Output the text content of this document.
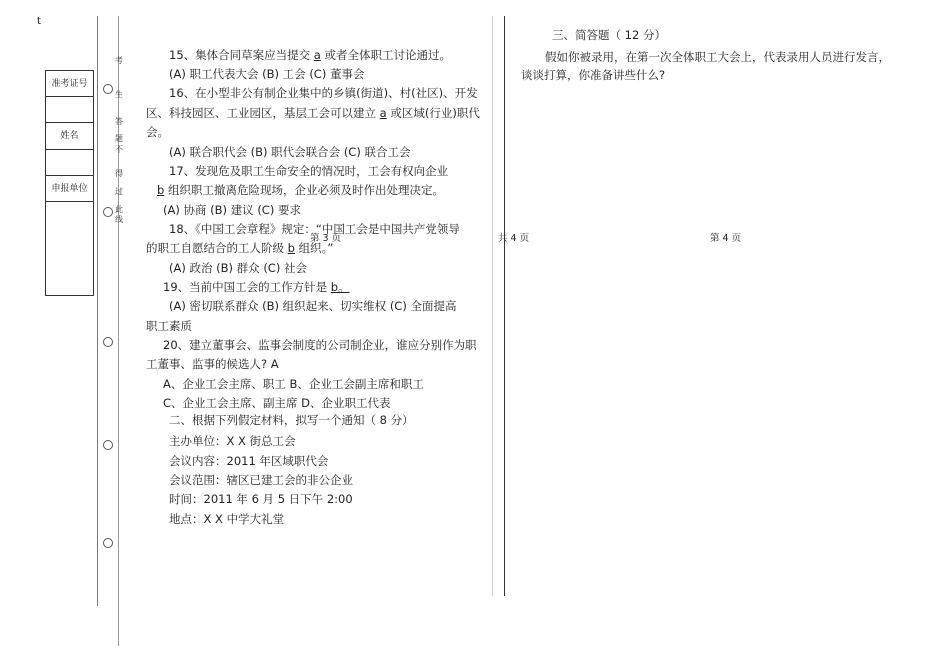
t
准考证号
姓名
申报单位
考
生
答
题
不
得
过
此
线
15、集体合同草案应当提交 a 或者全体职工讨论通过。
(A) 职工代表大会 (B) 工会 (C) 董事会
16、在小型非公有制企业集中的乡镇(街道)、村(社区)、开发
区、科技园区、工业园区，基层工会可以建立 a 或区域(行业)职代
会。
(A) 联合职代会 (B) 职代会联合会 (C) 联合工会
17、发现危及职工生命安全的情况时，工会有权向企业
b 组织职工撤离危险现场，企业必须及时作出处理决定。
(A) 协商 (B) 建议 (C) 要求
18、《中国工会章程》规定：“中国工会是中国共产党领导
的职工自愿结合的工人阶级 b 组织。”
(A) 政治 (B) 群众 (C) 社会
19、当前中国工会的工作方针是 b。
(A) 密切联系群众 (B) 组织起来、切实维权 (C) 全面提高
职工素质
20、建立董事会、监事会制度的公司制企业，谁应分别作为职
工董事、监事的候选人? A
A、企业工会主席、职工 B、企业工会副主席和职工
C、企业工会主席、副主席 D、企业职工代表
二、根据下列假定材料，拟写一个通知（ 8 分）
主办单位：X X 街总工会
会议内容：2011 年区域职代会
会议范围：辖区已建工会的非公企业
时间：2011 年 6 月 5 日下午 2:00
地点：X X 中学大礼堂
三、简答题（ 12 分）
假如你被录用，在第一次全体职工大会上，代表录用人员进行发言，
谈谈打算，你准备讲些什么?
第 3 页	共 4 页	第 4 页
